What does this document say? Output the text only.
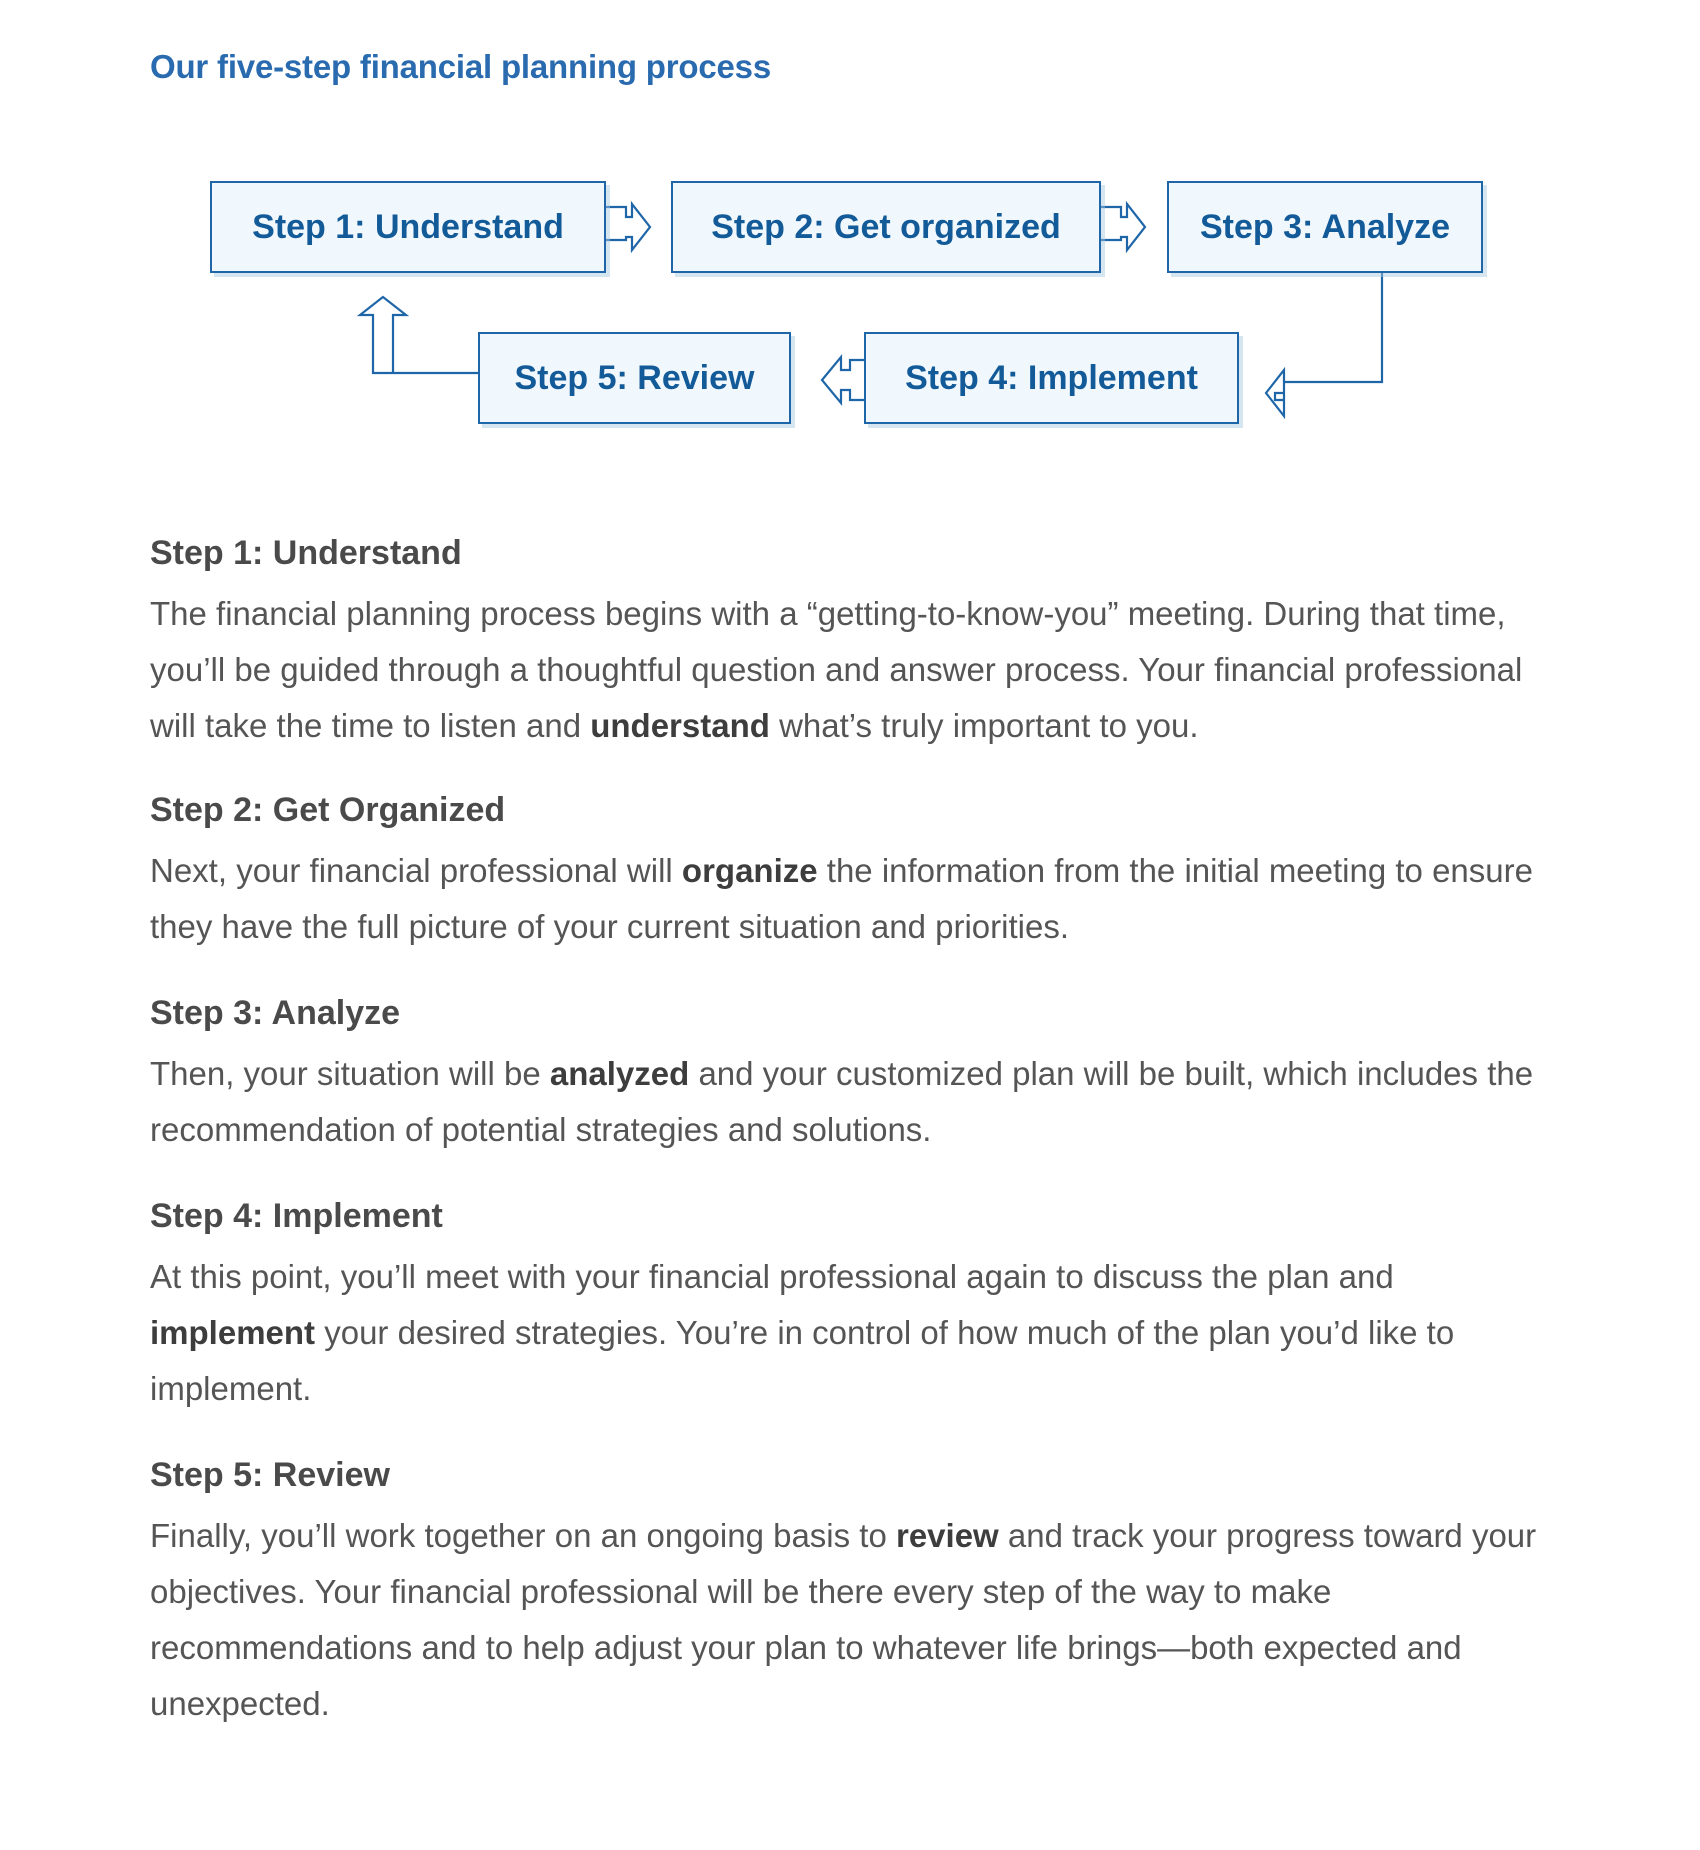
Our five-step financial planning process
Step 1: Understand	Step 2: Get organized	Step 3: Analyze
Step 4: Implement
Step 5: Review
Step 1: Understand

The financial planning process begins with a “getting-to-know-you” meeting. During that time, you’ll be guided through a thoughtful question and answer process. Your financial professional will take the time to listen and understand what’s truly important to you.

Step 2: Get Organized

Next, your financial professional will organize the information from the initial meeting to ensure they have the full picture of your current situation and priorities.

Step 3: Analyze

Then, your situation will be analyzed and your customized plan will be built, which includes the recommendation of potential strategies and solutions.

Step 4: Implement

At this point, you’ll meet with your financial professional again to discuss the plan and implement your desired strategies. You’re in control of how much of the plan you’d like to implement.

Step 5: Review

Finally, you’ll work together on an ongoing basis to review and track your progress toward your objectives. Your financial professional will be there every step of the way to make recommendations and to help adjust your plan to whatever life brings—both expected and unexpected.
